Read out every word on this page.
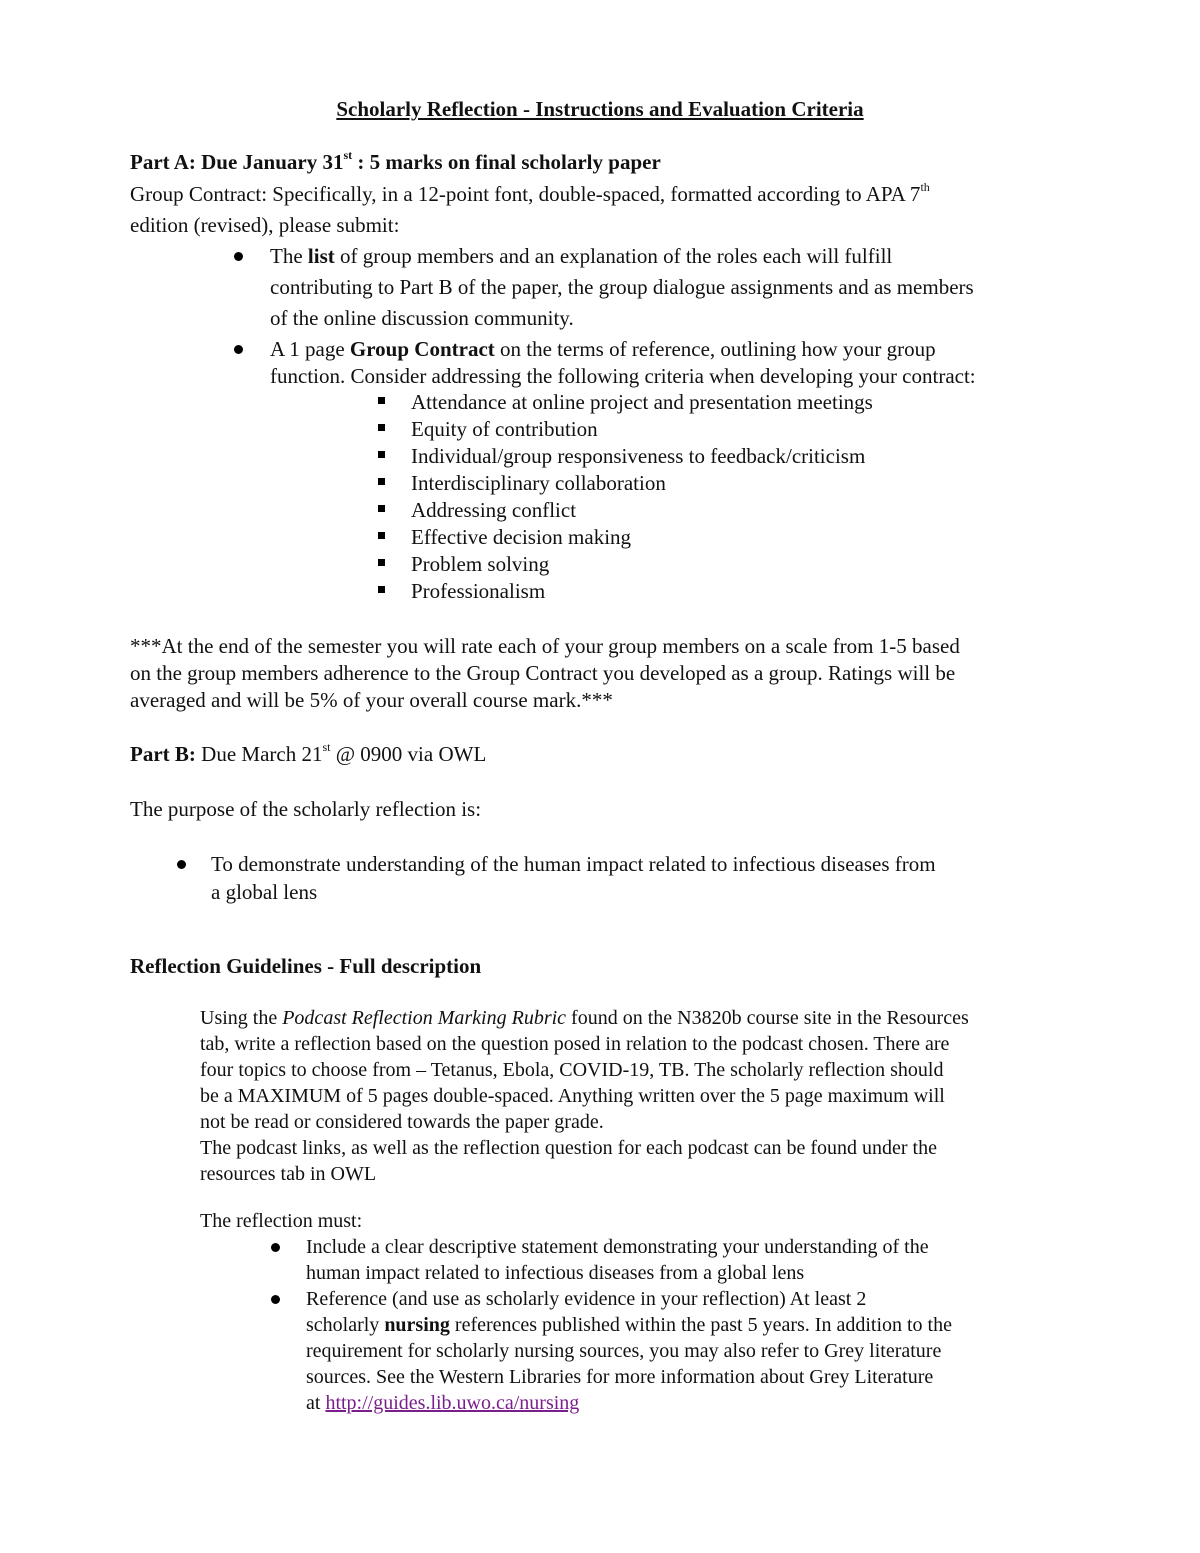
Scholarly Reflection - Instructions and Evaluation Criteria
Part A: Due January 31st : 5 marks on final scholarly paper
Group Contract: Specifically, in a 12-point font, double-spaced, formatted according to APA 7th
edition (revised), please submit:
The list of group members and an explanation of the roles each will fulfill
contributing to Part B of the paper, the group dialogue assignments and as members
of the online discussion community.
A 1 page Group Contract on the terms of reference, outlining how your group
function. Consider addressing the following criteria when developing your contract:
Attendance at online project and presentation meetings
Equity of contribution
Individual/group responsiveness to feedback/criticism
Interdisciplinary collaboration
Addressing conflict
Effective decision making
Problem solving
Professionalism
***At the end of the semester you will rate each of your group members on a scale from 1-5 based
on the group members adherence to the Group Contract you developed as a group. Ratings will be
averaged and will be 5% of your overall course mark.***
Part B: Due March 21st @ 0900 via OWL
The purpose of the scholarly reflection is:
To demonstrate understanding of the human impact related to infectious diseases from
a global lens
Reflection Guidelines - Full description
Using the Podcast Reflection Marking Rubric found on the N3820b course site in the Resources
tab, write a reflection based on the question posed in relation to the podcast chosen. There are
four topics to choose from – Tetanus, Ebola, COVID-19, TB. The scholarly reflection should
be a MAXIMUM of 5 pages double-spaced. Anything written over the 5 page maximum will
not be read or considered towards the paper grade.
The podcast links, as well as the reflection question for each podcast can be found under the
resources tab in OWL
The reflection must:
Include a clear descriptive statement demonstrating your understanding of the
human impact related to infectious diseases from a global lens
Reference (and use as scholarly evidence in your reflection) At least 2
scholarly nursing references published within the past 5 years. In addition to the
requirement for scholarly nursing sources, you may also refer to Grey literature
sources. See the Western Libraries for more information about Grey Literature
at http://guides.lib.uwo.ca/nursing
